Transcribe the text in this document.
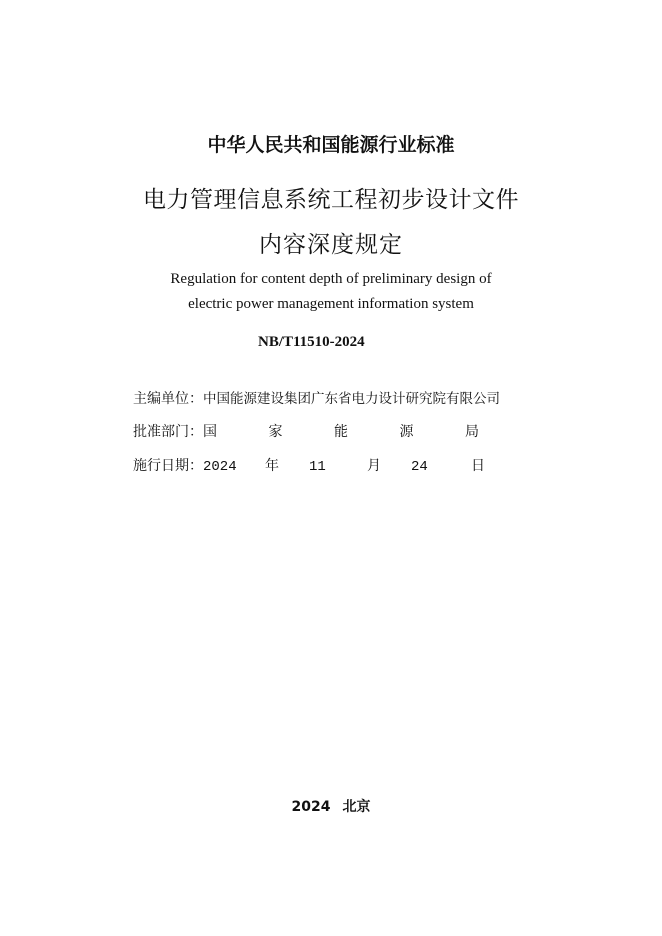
中华人民共和国能源行业标准
电力管理信息系统工程初步设计文件
内容深度规定
Regulation for content depth of preliminary design of
electric power management information system
NB/T11510-2024
主编单位： 中国能源建设集团广东省电力设计研究院有限公司
批准部门： 国	家	能	源	局
施行日期： 2024	年	11	月	24	日
2024 北京
